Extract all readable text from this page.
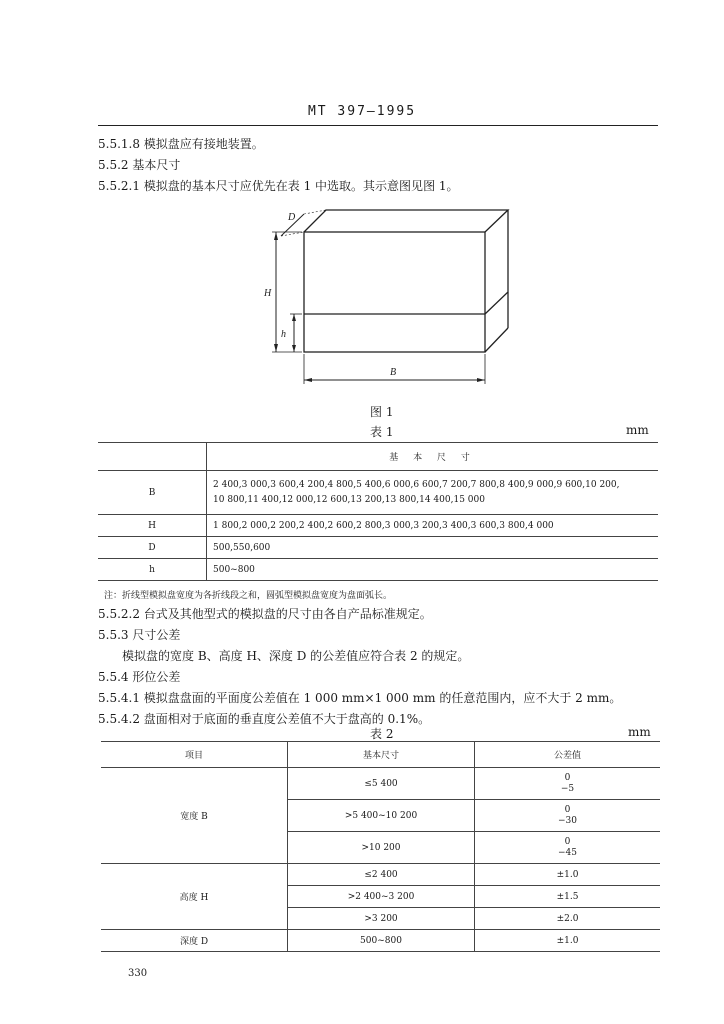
MT 397—1995
5.5.1.8 模拟盘应有接地装置。
5.5.2 基本尺寸
5.5.2.1 模拟盘的基本尺寸应优先在表 1 中选取。其示意图见图 1。
D
H
h
B
图 1
表 1	mm
	基 本 尺 寸
B	2 400,3 000,3 600,4 200,4 800,5 400,6 000,6 600,7 200,7 800,8 400,9 000,9 600,10 200,
10 800,11 400,12 000,12 600,13 200,13 800,14 400,15 000

H	1 800,2 000,2 200,2 400,2 600,2 800,3 000,3 200,3 400,3 600,3 800,4 000
D	500,550,600
h	500~800
注：折线型模拟盘宽度为各折线段之和，圆弧型模拟盘宽度为盘面弧长。
5.5.2.2 台式及其他型式的模拟盘的尺寸由各自产品标准规定。
5.5.3 尺寸公差
模拟盘的宽度 B、高度 H、深度 D 的公差值应符合表 2 的规定。
5.5.4 形位公差
5.5.4.1 模拟盘盘面的平面度公差值在 1 000 mm×1 000 mm 的任意范围内，应不大于 2 mm。
5.5.4.2 盘面相对于底面的垂直度公差值不大于盘高的 0.1%。
表 2	mm
项目	基本尺寸	公差值
宽度 B	≤5 400	0
−5

	>5 400~10 200	0
−30

	>10 200	0
−45

高度 H	≤2 400	±1.0
	>2 400~3 200	±1.5
	>3 200	±2.0
深度 D	500~800	±1.0
330
